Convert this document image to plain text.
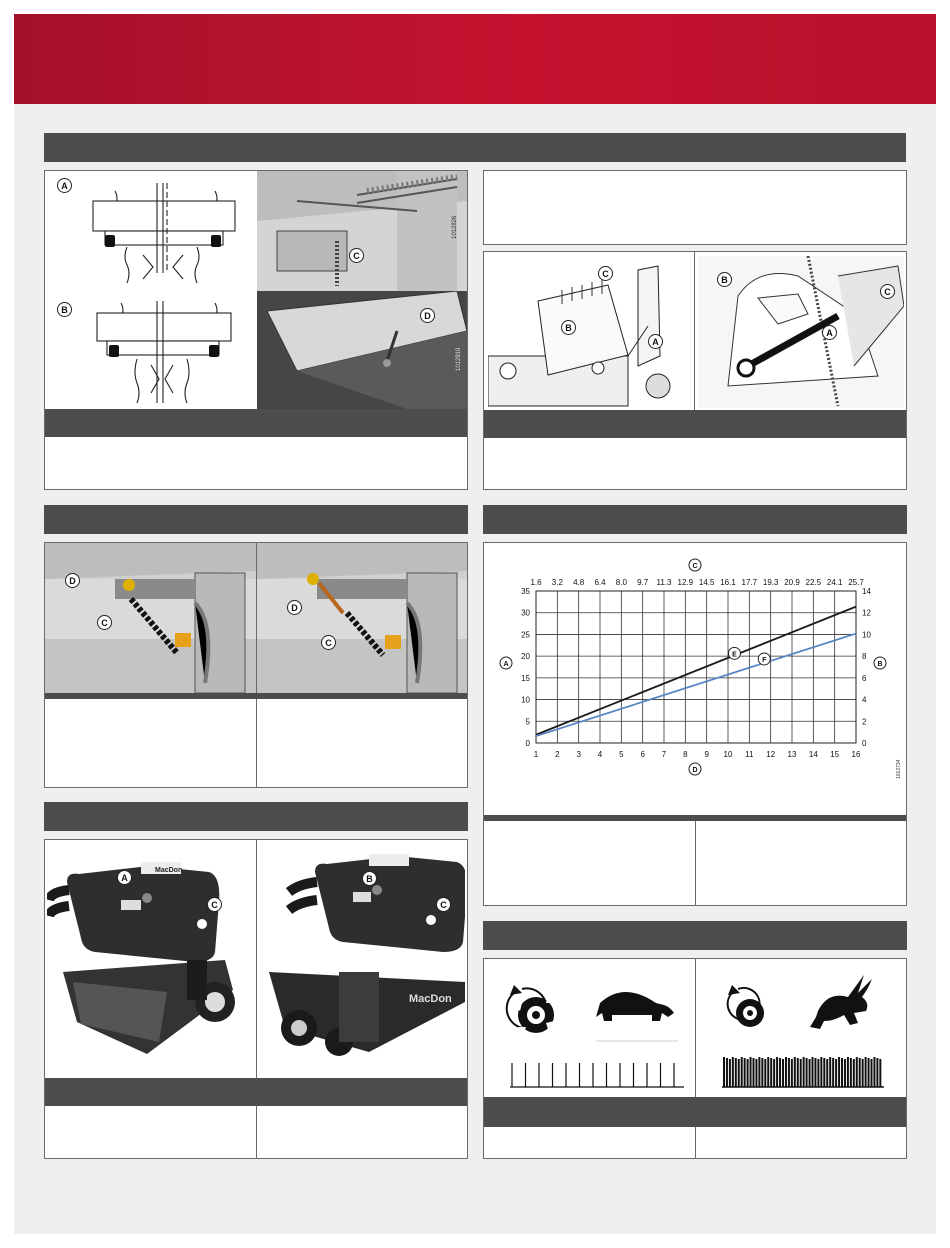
A
B
1012826
C
1012819
D
C
B
A
B
C
A
D
C
D
C
1 2 3 4 5 6 7 8 9 10 11 12 13 14 15 16
1.6 3.2 4.8 6.4 8.0 9.7 11.3 12.9 14.5 16.1 17.7 19.3 20.9 22.5 24.1 25.7
0
5
10
15
20
25
30
35
0
2
4
6
8
10
12
14
C
A	B
D
E
F
1012734
MacDon
A
C
MacDon
B
C
